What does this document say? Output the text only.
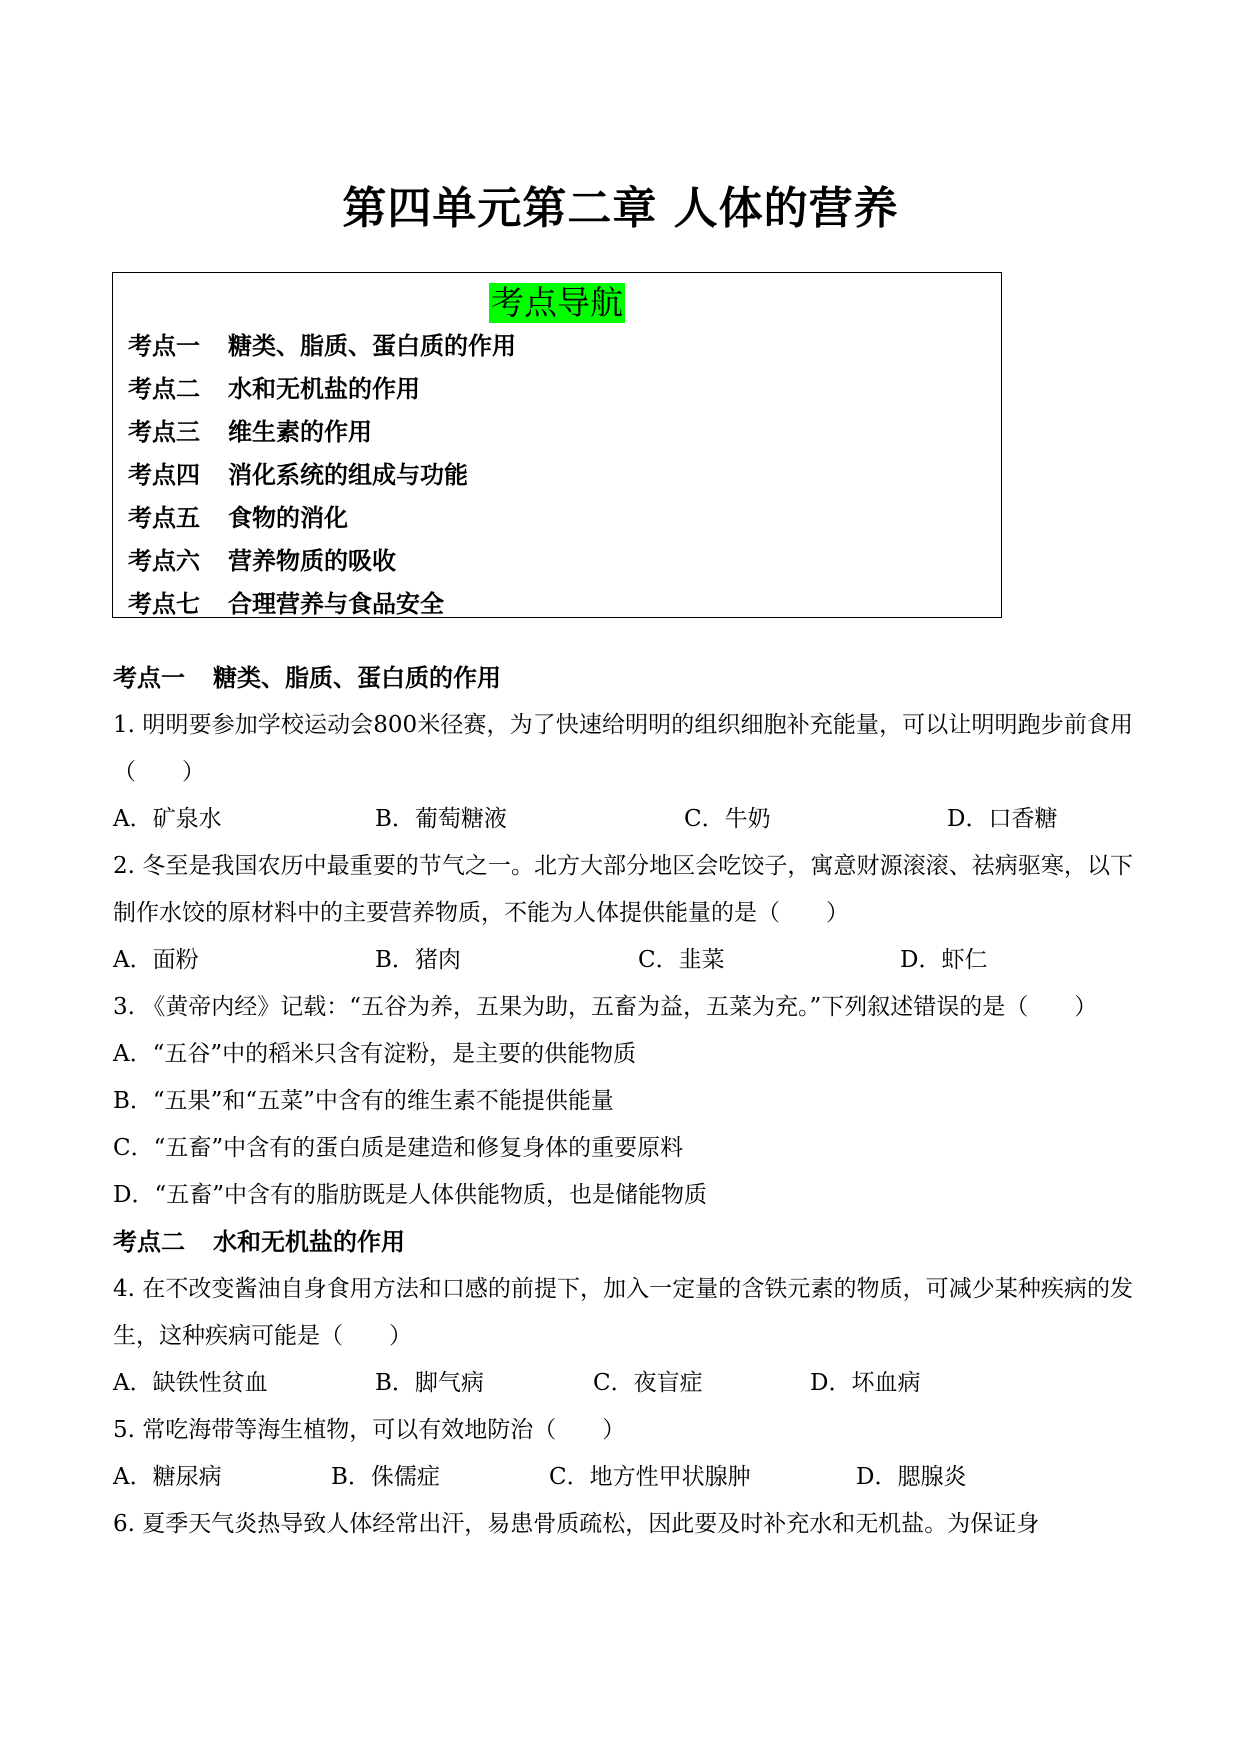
第四单元第二章 人体的营养
考点导航
考点一 糖类、脂质、蛋白质的作用
考点二 水和无机盐的作用
考点三 维生素的作用
考点四 消化系统的组成与功能
考点五 食物的消化
考点六 营养物质的吸收
考点七 合理营养与食品安全
考点一 糖类、脂质、蛋白质的作用
1. 明明要参加学校运动会800米径赛，为了快速给明明的组织细胞补充能量，可以让明明跑步前食用（　　）
A．矿泉水	B．葡萄糖液	C．牛奶	D．口香糖
2. 冬至是我国农历中最重要的节气之一。北方大部分地区会吃饺子，寓意财源滚滚、祛病驱寒，以下制作水饺的原材料中的主要营养物质，不能为人体提供能量的是（　　）
A．面粉	B．猪肉	C．韭菜	D．虾仁
3. 《黄帝内经》记载：“五谷为养，五果为助，五畜为益，五菜为充。”下列叙述错误的是（　　）
A．“五谷”中的稻米只含有淀粉，是主要的供能物质
B．“五果”和“五菜”中含有的维生素不能提供能量
C．“五畜”中含有的蛋白质是建造和修复身体的重要原料
D．“五畜”中含有的脂肪既是人体供能物质，也是储能物质
考点二 水和无机盐的作用
4. 在不改变酱油自身食用方法和口感的前提下，加入一定量的含铁元素的物质，可减少某种疾病的发生，这种疾病可能是（　　）
A．缺铁性贫血	B．脚气病	C．夜盲症	D．坏血病
5. 常吃海带等海生植物，可以有效地防治（　　）
A．糖尿病	B．侏儒症	C．地方性甲状腺肿	D．腮腺炎
6. 夏季天气炎热导致人体经常出汗，易患骨质疏松，因此要及时补充水和无机盐。为保证身
